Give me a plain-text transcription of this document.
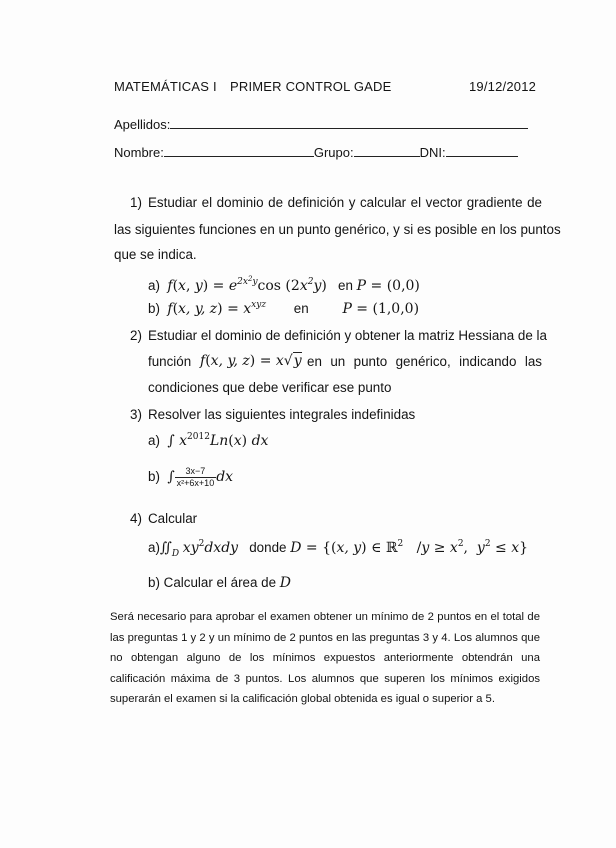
MATEMÁTICAS I PRIMER CONTROL GADE	19/12/2012
Apellidos:
Nombre:	Grupo:	DNI:
1) Estudiar el dominio de definición y calcular el vector gradiente de
las siguientes funciones en un punto genérico, y si es posible en los puntos
que se indica.
a) f(x, $y) = e^{2x^2y}\cos$ $(2x^2y)$ en P = (0,0)
b) f(x, y, $z) = x^{xyz}$ en P = (1,0,0)
2) Estudiar el dominio de definición y obtener la matriz Hessiana de la
función f(x, y, z) = x√y en un punto genérico, indicando las
condiciones que debe verificar ese punto
3) Resolver las siguientes integrales indefinidas
a) ∫ $x^{2012}Ln(x)$ dx
b) ∫ $\frac{3x-7}{\text{x²+6x+10}}$ dx
4) Calcular
$a)∬_D$ $xy^2dxdy$   donde D = {(x, y) ∈ ℝ$^2$   $/y \ge x^2$,  $y^2 \le x$}
b) Calcular el área de D
Será necesario para aprobar el examen obtener un mínimo de 2 puntos en el total de
las preguntas 1 y 2 y un mínimo de 2 puntos en las preguntas 3 y 4. Los alumnos que
no obtengan alguno de los mínimos expuestos anteriormente obtendrán una
calificación máxima de 3 puntos. Los alumnos que superen los mínimos exigidos
superarán el examen si la calificación global obtenida es igual o superior a 5.
